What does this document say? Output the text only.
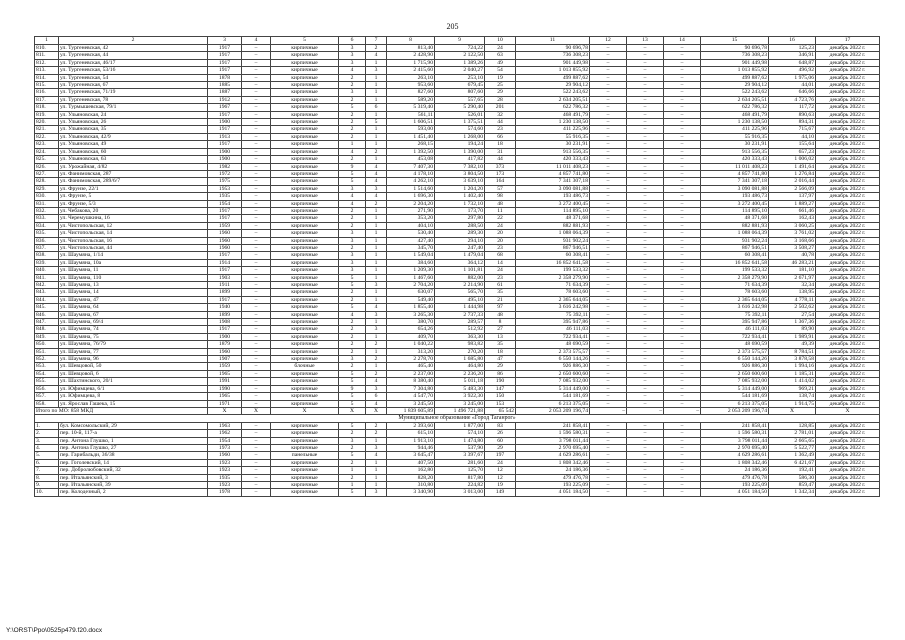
205
1	2	3	4	5	6	7	8	9	10	11	12	13	14	15	16	17
810.	ул. Тургеневская, 42	1917	–	кирпичные	3	2	813,40	724,22	24	90 696,78	–	–	–	90 696,78	125,23	декабрь 2022 г.
811.	ул. Тургеневская, 44	1917	–	кирпичные	3	4	2 428,90	2 122,50	63	736 308,23	–	–	–	736 308,23	346,91	декабрь 2022 г.
812.	ул. Тургеневская, 46/17	1917	–	кирпичные	3	1	1 715,90	1 389,26	49	901 449,98	–	–	–	901 449,98	648,87	декабрь 2022 г.
813.	ул. Тургеневская, 53/16	1917	–	кирпичные	4	3	2 415,60	2 040,27	54	1 013 855,92	–	–	–	1 013 855,92	496,92	декабрь 2022 г.
814.	ул. Тургеневская, 54	1878	–	кирпичные	2	1	263,10	253,10	19	499 887,62	–	–	–	499 887,62	1 975,06	декабрь 2022 г.
815.	ул. Тургеневская, 67	1885	–	кирпичные	2	1	953,60	679,45	25	29 904,12	–	–	–	29 904,12	44,01	декабрь 2022 г.
816.	ул. Тургеневская, 71/19	1887	–	кирпичные	3	1	827,60	807,60	29	522 243,62	–	–	–	522 243,62	646,66	декабрь 2022 г.
817.	ул. Тургеневская, 78	1912	–	кирпичные	2	1	589,20	557,65	28	2 634 205,51	–	–	–	2 634 205,51	4 723,76	декабрь 2022 г.
818.	ул. Турмышевская, 79/1	1967	–	кирпичные	5	6	5 319,40	5 290,40	201	622 786,32	–	–	–	622 786,32	117,72	декабрь 2022 г.
819.	ул. Ульяновская, 24	1917	–	кирпичные	2	1	561,11	526,01	32	468 491,79	–	–	–	468 491,79	890,63	декабрь 2022 г.
820.	ул. Ульяновская, 26	1900	–	кирпичные	2	5	1 606,51	1 375,51	44	1 230 138,50	–	–	–	1 230 138,50	894,31	декабрь 2022 г.
821.	ул. Ульяновская, 35	1917	–	кирпичные	2	1	593,00	574,60	23	411 225,96	–	–	–	411 225,96	715,67	декабрь 2022 г.
822.	ул. Ульяновская, 42/9	1913	–	кирпичные	2	1	1 451,40	1 268,00	66	55 916,35	–	–	–	55 916,35	44,10	декабрь 2022 г.
823.	ул. Ульяновская, 49	1917	–	кирпичные	1	1	268,15	194,24	18	30 231,91	–	–	–	30 231,91	155,64	декабрь 2022 г.
824.	ул. Ульяновская, 60	1900	–	кирпичные	4	2	1 392,50	1 390,00	31	913 556,35	–	–	–	913 556,35	657,23	декабрь 2022 г.
825.	ул. Ульяновская, 63	1900	–	кирпичные	2	1	453,08	417,82	44	420 333,43	–	–	–	420 333,43	1 006,02	декабрь 2022 г.
826.	ул. Урожайная, 4/82	1982	–	кирпичные	9	4	7 407,30	7 382,10	373	11 011 408,23	–	–	–	11 011 408,23	1 491,64	декабрь 2022 г.
827.	ул. Фанимовская, 287	1972	–	кирпичные	5	4	4 178,10	3 804,50	173	4 857 741,80	–	–	–	4 857 741,80	1 276,84	декабрь 2022 г.
828.	ул. Фанимовская, 289/6/7	1975	–	кирпичные	5	4	4 262,10	3 639,10	164	7 341 307,18	–	–	–	7 341 307,18	2 016,44	декабрь 2022 г.
829.	ул. Фрунзе, 22/1	1953	–	кирпичные	3	3	1 514,60	1 204,20	57	3 090 081,88	–	–	–	3 090 081,88	2 566,09	декабрь 2022 г.
830.	ул. Фрунзе, 5	1935	–	кирпичные	4	4	1 696,30	1 402,40	98	193 486,73	–	–	–	193 486,73	137,97	декабрь 2022 г.
831.	ул. Фрунзе, 5/3	1954	–	кирпичные	4	2	2 204,20	1 732,10	48	3 272 400,45	–	–	–	3 272 400,45	1 889,27	декабрь 2022 г.
832.	ул. Чебакова, 20	1917	–	кирпичные	2	1	271,90	173,70	11	114 895,10	–	–	–	114 895,10	661,46	декабрь 2022 г.
833.	ул. Черемушкина, 16	1917	–	кирпичные	2	1	353,20	297,80	22	48 371,68	–	–	–	48 371,68	162,43	декабрь 2022 г.
834.	ул. Чистопольская, 12	1959	–	кирпичные	2	1	404,10	288,50	24	882 881,93	–	–	–	882 881,93	3 060,25	декабрь 2022 г.
835.	ул. Чистопольская, 14	1960	–	кирпичные	3	1	530,40	289,30	20	1 088 064,39	–	–	–	1 088 064,39	3 761,02	декабрь 2022 г.
836.	ул. Чистопольская, 16	1960	–	кирпичные	3	1	427,40	294,10	20	931 902,24	–	–	–	931 902,24	3 168,66	декабрь 2022 г.
837.	ул. Чистопольская, 44	1960	–	кирпичные	2	1	345,70	247,40	23	867 946,51	–	–	–	867 946,51	3 508,27	декабрь 2022 г.
838.	ул. Шаумяна, 1/14	1917	–	кирпичные	3	1	1 549,04	1 479,04	68	60 308,41	–	–	–	60 308,41	40,78	декабрь 2022 г.
839.	ул. Шаумяна, 10а	1914	–	кирпичные	3	1	384,60	364,12	14	16 852 641,58	–	–	–	16 852 641,58	46 283,21	декабрь 2022 г.
840.	ул. Шаумяна, 11	1917	–	кирпичные	3	1	1 209,30	1 101,81	24	199 533,32	–	–	–	199 533,32	181,10	декабрь 2022 г.
841.	ул. Шаумяна, 110	1903	–	кирпичные	5	1	1 467,60	882,00	23	2 358 279,90	–	–	–	2 358 279,90	2 671,97	декабрь 2022 г.
842.	ул. Шаумяна, 13	1911	–	кирпичные	5	3	2 704,20	2 214,90	61	71 634,39	–	–	–	71 634,39	32,34	декабрь 2022 г.
843.	ул. Шаумяна, 14	1899	–	кирпичные	2	1	630,07	565,70	35	78 603,60	–	–	–	78 603,60	138,95	декабрь 2022 г.
844.	ул. Шаумяна, 47	1917	–	кирпичные	2	1	549,40	495,10	21	2 365 644,05	–	–	–	2 365 644,05	4 778,11	декабрь 2022 г.
845.	ул. Шаумяна, 64	1940	–	кирпичные	5	4	1 855,40	1 444,98	97	3 616 242,98	–	–	–	3 616 242,98	2 502,62	декабрь 2022 г.
846.	ул. Шаумяна, 67	1899	–	кирпичные	4	3	3 265,30	2 737,33	48	75 392,11	–	–	–	75 392,11	27,54	декабрь 2022 г.
847.	ул. Шаумяна, 69/4	1908	–	кирпичные	2	1	380,70	289,57	8	395 947,86	–	–	–	395 947,86	1 367,36	декабрь 2022 г.
848.	ул. Шаумяна, 74	1917	–	кирпичные	2	3	654,26	512,92	27	46 111,03	–	–	–	46 111,03	89,90	декабрь 2022 г.
849.	ул. Шаумяна, 75	1900	–	кирпичные	2	1	409,70	363,30	13	722 934,41	–	–	–	722 934,41	1 989,91	декабрь 2022 г.
850.	ул. Шаумяна, 76/79	1879	–	кирпичные	2	2	1 040,22	983,82	35	48 690,59	–	–	–	48 690,59	49,39	декабрь 2022 г.
851.	ул. Шаумяна, 77	1960	–	кирпичные	2	1	313,20	270,20	18	2 373 575,57	–	–	–	2 373 575,57	8 784,51	декабрь 2022 г.
852.	ул. Шаумяна, 96	1907	–	кирпичные	3	2	2 278,70	1 685,80	47	6 550 144,26	–	–	–	6 550 144,26	3 878,58	декабрь 2022 г.
853.	ул. Шевцовой, 50	1959	–	блочные	2	1	465,40	464,80	29	926 886,30	–	–	–	926 886,30	1 994,16	декабрь 2022 г.
854.	ул. Шевцовой, 6	1965	–	кирпичные	5	2	2 237,00	2 236,20	86	2 650 600,60	–	–	–	2 650 600,60	1 185,31	декабрь 2022 г.
855.	ул. Шахтинского, 20/1	1991	–	кирпичные	5	4	8 380,40	5 011,18	190	7 085 932,00	–	–	–	7 085 932,00	1 414,02	декабрь 2022 г.
856.	ул. Юфимцева, 6/1	1990	–	кирпичные	9	3	7 304,80	5 483,30	147	5 314 449,00	–	–	–	5 314 449,00	969,21	декабрь 2022 г.
857.	ул. Юфимцева, 8	1965	–	кирпичные	5	6	4 547,70	3 922,30	150	544 181,69	–	–	–	544 181,69	138,74	декабрь 2022 г.
858.	ул. Ярослав Гашека, 15	1971	–	кирпичные	5	4	3 245,50	3 245,00	153	6 213 375,05	–	–	–	6 213 375,05	1 914,75	декабрь 2022 г.
Итого по МО: 858 МКД		Х	Х	Х	Х	Х	1 839 605,89	1 496 721,88	65 542	2 053 209 196,74	–	–	–	2 053 209 196,74	Х	Х
Муниципальное образование «Город Таганрог»																
1.	бул. Комсомольский, 29	1963	–	кирпичные	5	2	2 393,60	1 877,00	83	241 858,41	–	–	–	241 858,41	128,85	декабрь 2022 г.
2.	пер. 10-й, 117-а	1962	–	кирпичные	2	2	615,10	574,10	26	1 596 580,31	–	–	–	1 596 580,31	2 781,01	декабрь 2022 г.
3.	пер. Антона Глушко, 1	1954	–	кирпичные	3	1	1 913,10	1 474,80	60	3 798 011,44	–	–	–	3 798 011,44	2 665,65	декабрь 2022 г.
4.	пер. Антона Глушко, 27	1973	–	кирпичные	2	3	944,46	537,90	29	2 970 695,40	–	–	–	2 970 695,40	5 522,77	декабрь 2022 г.
5.	пер. Гарибальди, 36/38	1960	–	панельные	5	4	3 645,47	3 397,67	197	4 629 286,61	–	–	–	4 629 286,61	1 362,49	декабрь 2022 г.
6.	пер. Гоголевский, 14	1923	–	кирпичные	2	1	407,50	281,60	24	1 808 342,46	–	–	–	1 808 342,46	6 421,67	декабрь 2022 г.
7.	пер. Добролюбовский, 32	1923	–	кирпичные	1	1	162,80	125,70	12	24 186,36	–	–	–	24 186,36	192,41	декабрь 2022 г.
8.	пер. Итальянский, 3	1935	–	кирпичные	2	1	828,20	817,80	12	479 476,78	–	–	–	479 476,78	586,30	декабрь 2022 г.
9.	пер. Итальянский, 39	1923	–	кирпичные	1	1	310,80	224,82	19	193 225,09	–	–	–	193 225,09	859,47	декабрь 2022 г.
10.	пер. Колодезный, 2	1978	–	кирпичные	5	3	3 340,90	3 013,00	149	4 051 184,50	–	–	–	4 051 184,50	1 342,34	декабрь 2022 г.
Y:\ORST\Ppo\0525p479.f20.docx
